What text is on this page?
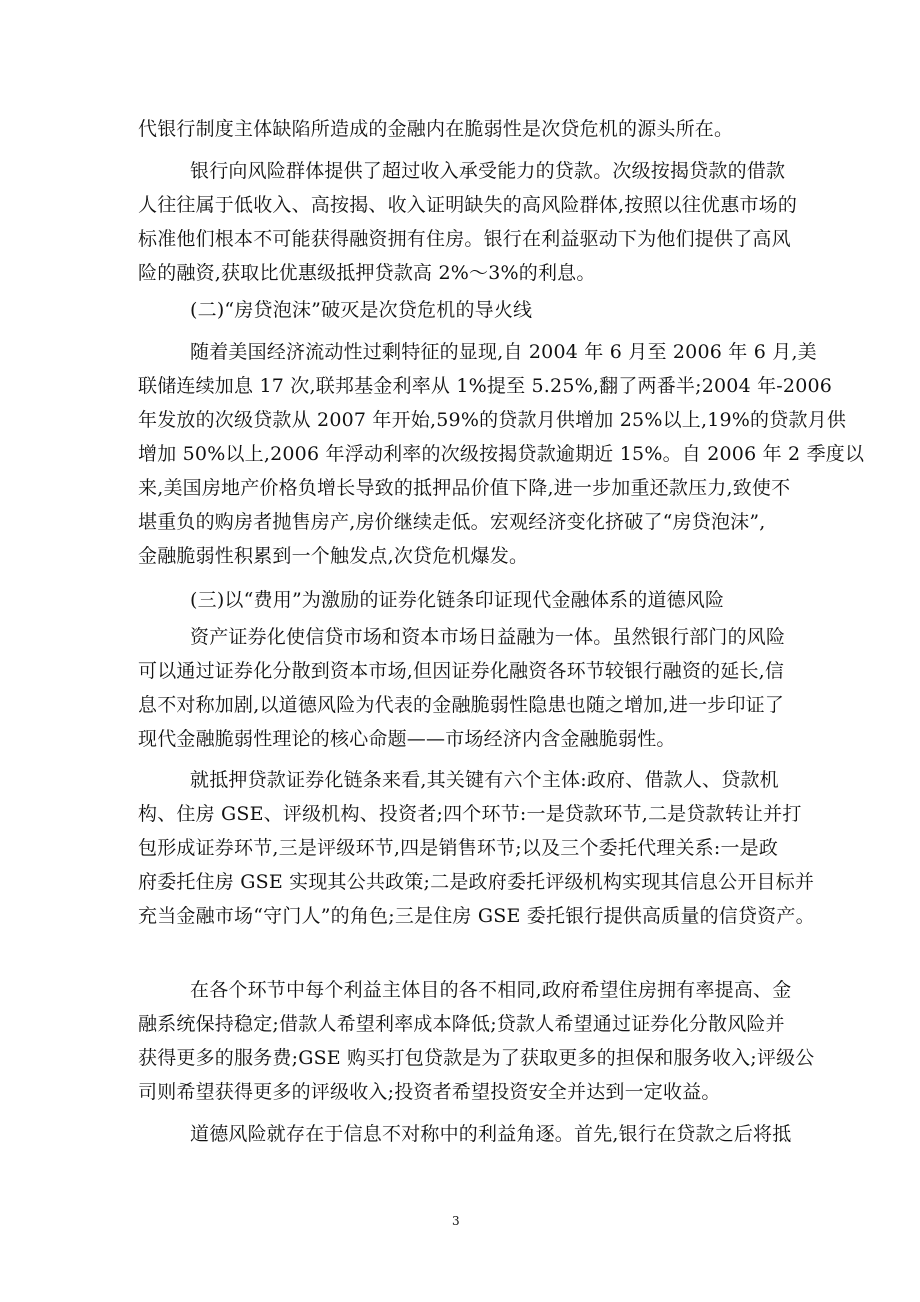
代银行制度主体缺陷所造成的金融内在脆弱性是次贷危机的源头所在。
银行向风险群体提供了超过收入承受能力的贷款。次级按揭贷款的借款
人往往属于低收入、高按揭、收入证明缺失的高风险群体,按照以往优惠市场的
标准他们根本不可能获得融资拥有住房。银行在利益驱动下为他们提供了高风
险的融资,获取比优惠级抵押贷款高 2%～3%的利息。
(二)“房贷泡沫”破灭是次贷危机的导火线
随着美国经济流动性过剩特征的显现,自 2004 年 6 月至 2006 年 6 月,美
联储连续加息 17 次,联邦基金利率从 1%提至 5.25%,翻了两番半;2004 年-2006
年发放的次级贷款从 2007 年开始,59%的贷款月供增加 25%以上,19%的贷款月供
增加 50%以上,2006 年浮动利率的次级按揭贷款逾期近 15%。自 2006 年 2 季度以
来,美国房地产价格负增长导致的抵押品价值下降,进一步加重还款压力,致使不
堪重负的购房者抛售房产,房价继续走低。宏观经济变化挤破了“房贷泡沫”,
金融脆弱性积累到一个触发点,次贷危机爆发。
(三)以“费用”为激励的证券化链条印证现代金融体系的道德风险
资产证券化使信贷市场和资本市场日益融为一体。虽然银行部门的风险
可以通过证券化分散到资本市场,但因证券化融资各环节较银行融资的延长,信
息不对称加剧,以道德风险为代表的金融脆弱性隐患也随之增加,进一步印证了
现代金融脆弱性理论的核心命题——市场经济内含金融脆弱性。
就抵押贷款证券化链条来看,其关键有六个主体:政府、借款人、贷款机
构、住房 GSE、评级机构、投资者;四个环节:一是贷款环节,二是贷款转让并打
包形成证券环节,三是评级环节,四是销售环节;以及三个委托代理关系:一是政
府委托住房 GSE 实现其公共政策;二是政府委托评级机构实现其信息公开目标并
充当金融市场“守门人”的角色;三是住房 GSE 委托银行提供高质量的信贷资产。
在各个环节中每个利益主体目的各不相同,政府希望住房拥有率提高、金
融系统保持稳定;借款人希望利率成本降低;贷款人希望通过证券化分散风险并
获得更多的服务费;GSE 购买打包贷款是为了获取更多的担保和服务收入;评级公
司则希望获得更多的评级收入;投资者希望投资安全并达到一定收益。
道德风险就存在于信息不对称中的利益角逐。首先,银行在贷款之后将抵
3
